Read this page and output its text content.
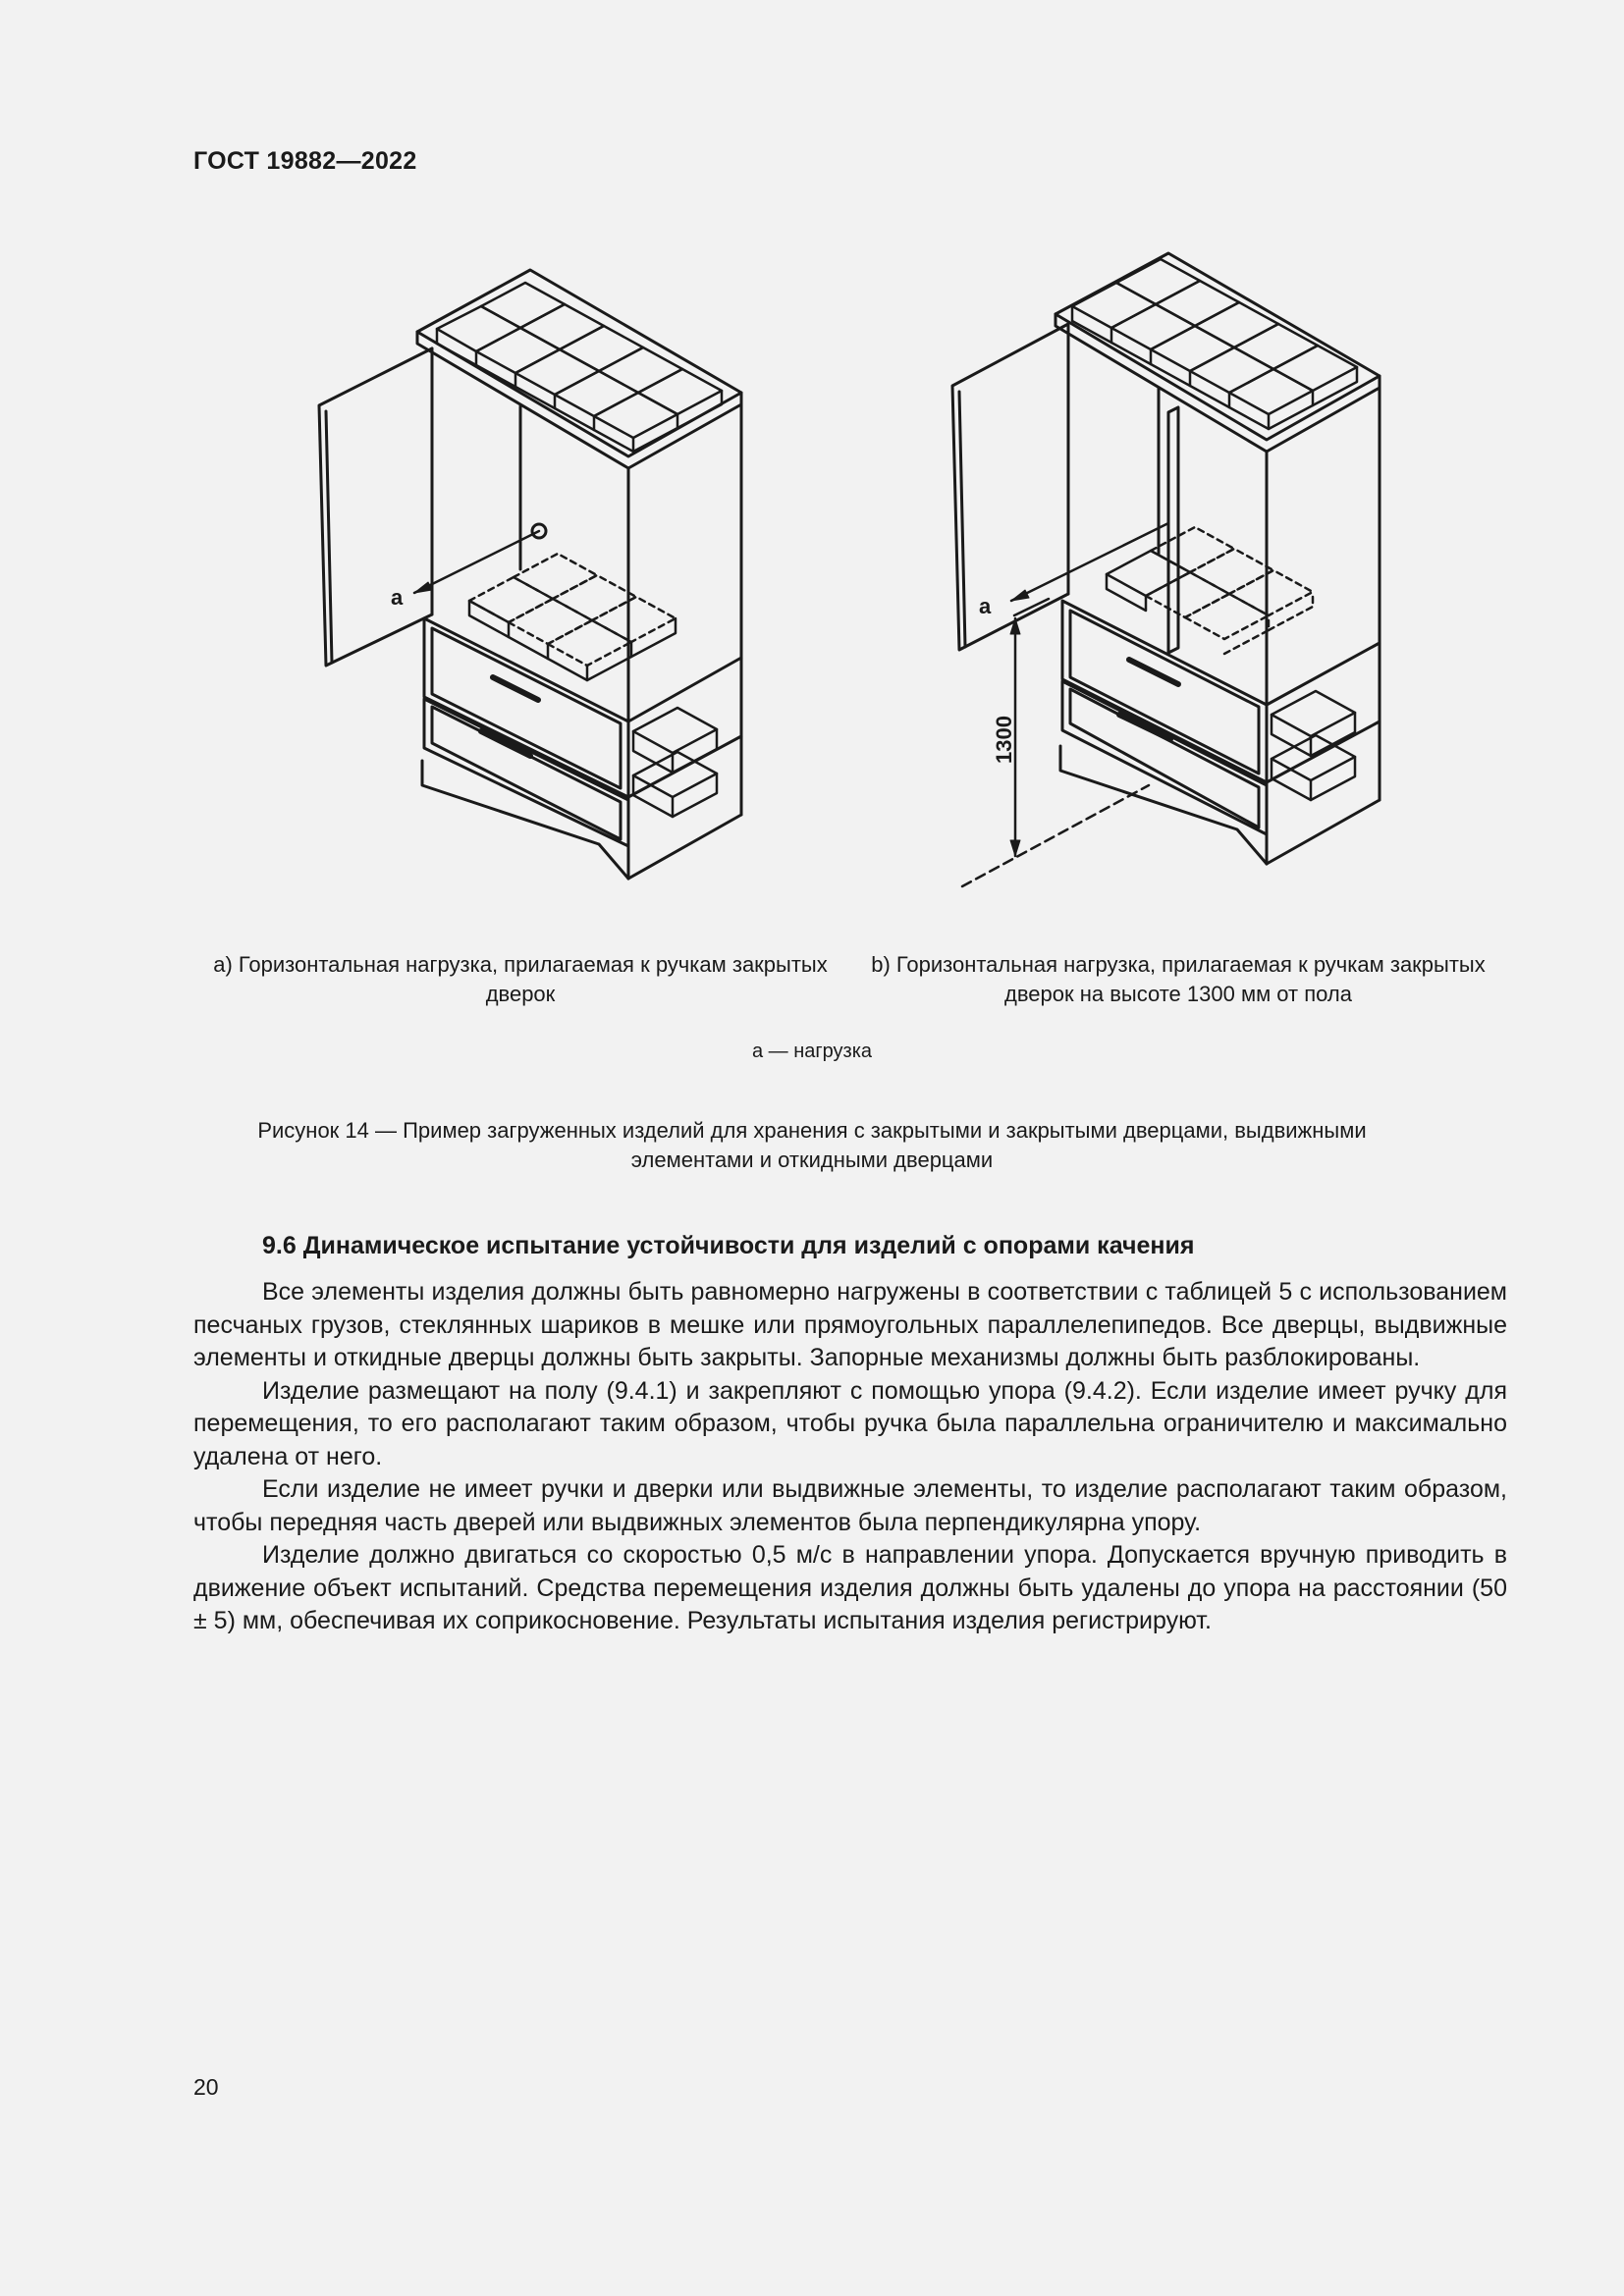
ГОСТ 19882—2022
a	a
1300
а) Горизонтальная нагрузка, прилагаемая к ручкам закрытых дверок
b) Горизонтальная нагрузка, прилагаемая к ручкам закрытых дверок на высоте 1300 мм от пола
а — нагрузка
Рисунок 14 — Пример загруженных изделий для хранения с закрытыми и закрытыми дверцами, выдвижными элементами и откидными дверцами
9.6 Динамическое испытание устойчивости для изделий с опорами качения

Все элементы изделия должны быть равномерно нагружены в соответствии с таблицей 5 с использованием песчаных грузов, стеклянных шариков в мешке или прямоугольных параллелепипедов. Все дверцы, выдвижные элементы и откидные дверцы должны быть закрыты. Запорные механизмы должны быть разблокированы.

Изделие размещают на полу (9.4.1) и закрепляют с помощью упора (9.4.2). Если изделие имеет ручку для перемещения, то его располагают таким образом, чтобы ручка была параллельна ограничителю и максимально удалена от него.

Если изделие не имеет ручки и дверки или выдвижные элементы, то изделие располагают таким образом, чтобы передняя часть дверей или выдвижных элементов была перпендикулярна упору.

Изделие должно двигаться со скоростью 0,5 м/с в направлении упора. Допускается вручную приводить в движение объект испытаний. Средства перемещения изделия должны быть удалены до упора на расстоянии (50 ± 5) мм, обеспечивая их соприкосновение. Результаты испытания изделия регистрируют.

20
